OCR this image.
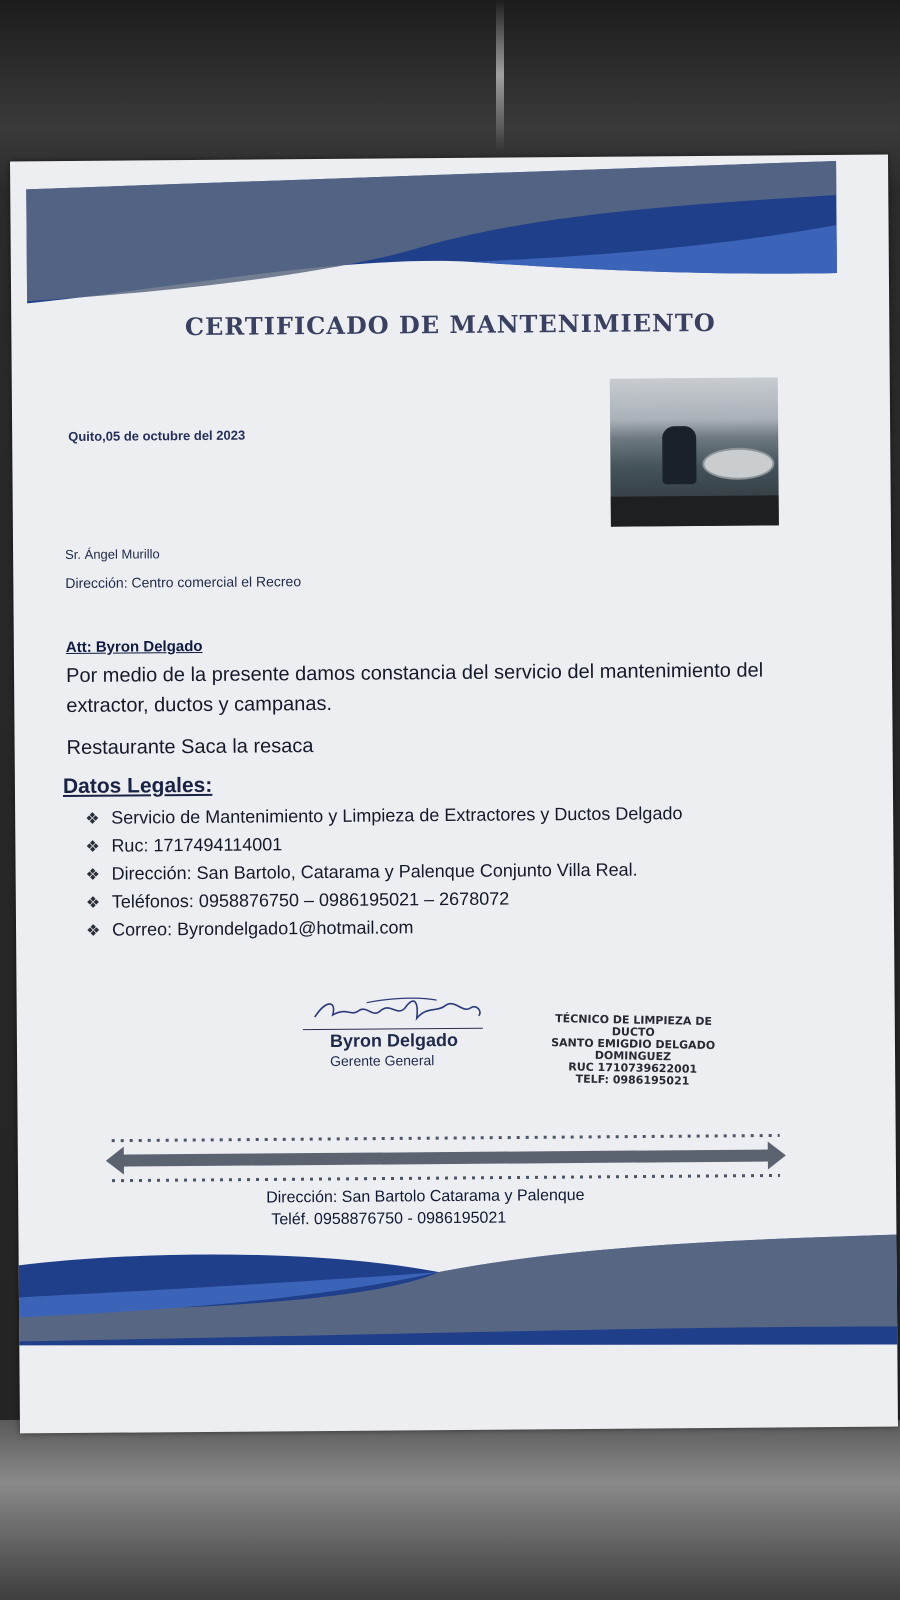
CERTIFICADO DE MANTENIMIENTO
Quito,05 de octubre del 2023
Sr. Ángel Murillo
Dirección: Centro comercial el Recreo
Att: Byron Delgado
Por medio de la presente damos constancia del servicio del mantenimiento del extractor, ductos y campanas.
Restaurante Saca la resaca
Datos Legales:
❖ Servicio de Mantenimiento y Limpieza de Extractores y Ductos Delgado
❖ Ruc: 1717494114001
❖ Dirección: San Bartolo, Catarama y Palenque Conjunto Villa Real.
❖ Teléfonos: 0958876750 – 0986195021 – 2678072
❖ Correo: Byrondelgado1@hotmail.com
Byron Delgado
Gerente General
TÉCNICO DE LIMPIEZA DE
DUCTO
SANTO EMIGDIO DELGADO
DOMINGUEZ
RUC 1710739622001
TELF: 0986195021
Dirección: San Bartolo Catarama y Palenque
Teléf. 0958876750 - 0986195021
